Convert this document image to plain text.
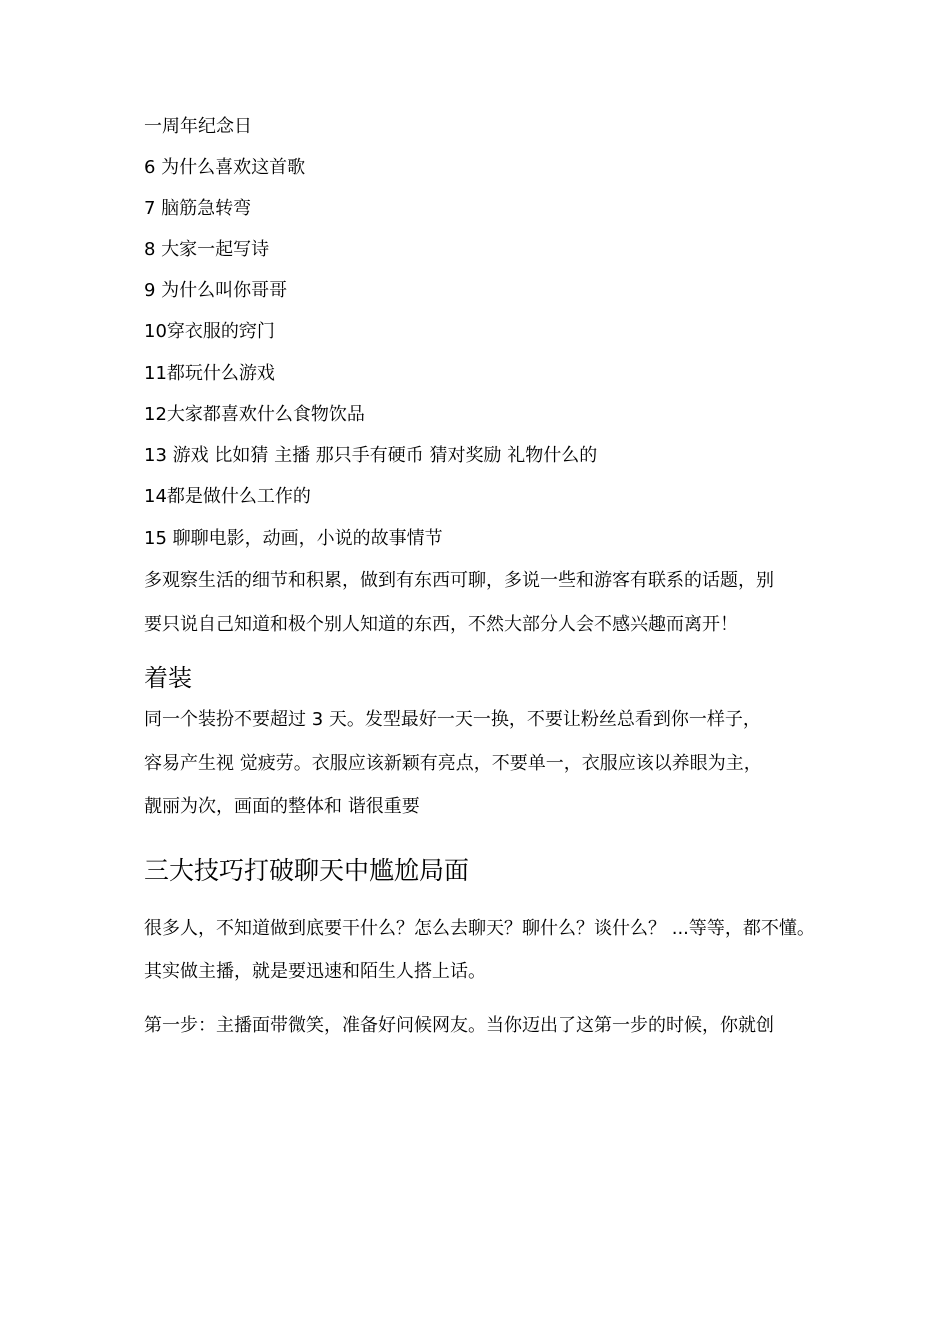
一周年纪念日
6 为什么喜欢这首歌
7 脑筋急转弯
8 大家一起写诗
9 为什么叫你哥哥
10穿衣服的窍门
11都玩什么游戏
12大家都喜欢什么食物饮品
13 游戏 比如猜 主播 那只手有硬币 猜对奖励 礼物什么的
14都是做什么工作的
15 聊聊电影，动画，小说的故事情节
多观察生活的细节和积累，做到有东西可聊，多说一些和游客有联系的话题，别
要只说自己知道和极个别人知道的东西，不然大部分人会不感兴趣而离开！
着装
同一个装扮不要超过 3 天。发型最好一天一换，不要让粉丝总看到你一样子，
容易产生视 觉疲劳。衣服应该新颖有亮点，不要单一，衣服应该以养眼为主，
靓丽为次，画面的整体和 谐很重要
三大技巧打破聊天中尴尬局面
很多人，不知道做到底要干什么？怎么去聊天？聊什么？谈什么？ ...等等，都不懂。
其实做主播，就是要迅速和陌生人搭上话。
第一步：主播面带微笑，准备好问候网友。当你迈出了这第一步的时候，你就创
